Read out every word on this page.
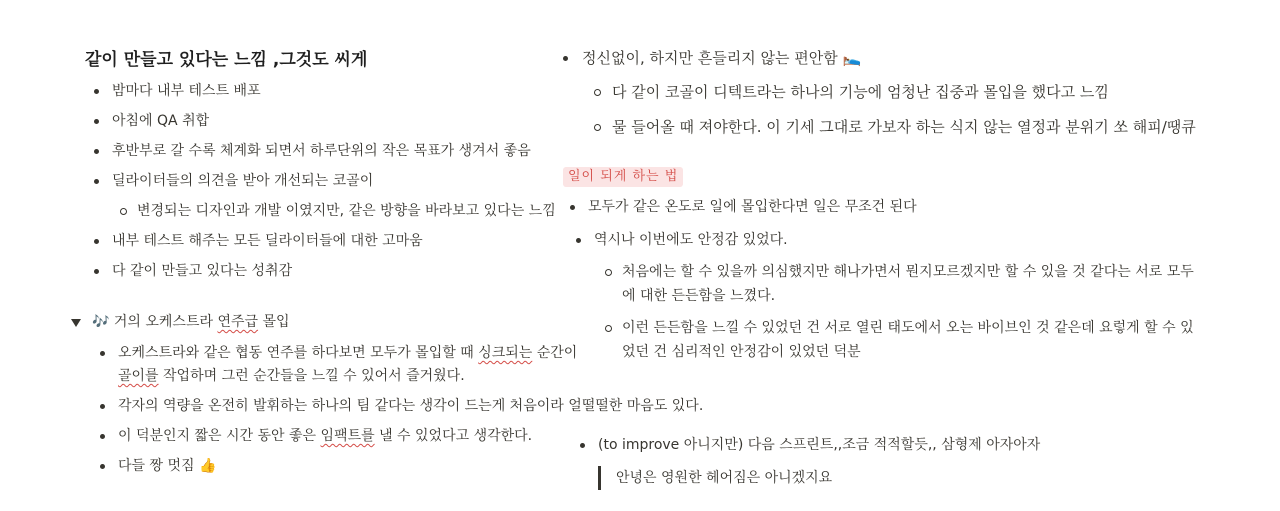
같이 만들고 있다는 느낌 ,그것도 씨게
밤마다 내부 테스트 배포
아침에 QA 취합
후반부로 갈 수록 체계화 되면서 하루단위의 작은 목표가 생겨서 좋음
딜라이터들의 의견을 받아 개선되는 코골이
변경되는 디자인과 개발 이였지만, 같은 방향을 바라보고 있다는 느낌
내부 테스트 해주는 모든 딜라이터들에 대한 고마움
다 같이 만들고 있다는 성취감
🎶 거의 오케스트라 연주급 몰입
오케스트라와 같은 협동 연주를 하다보면 모두가 몰입할 때 싱크되는 순간이
골이를 작업하며 그런 순간들을 느낄 수 있어서 즐거웠다.
각자의 역량을 온전히 발휘하는 하나의 팀 같다는 생각이 드는게 처음이라 얼떨떨한 마음도 있다.
이 덕분인지 짧은 시간 동안 좋은 임팩트를 낼 수 있었다고 생각한다.
다들 짱 멋짐 👍
정신없이, 하지만 흔들리지 않는 편안함 🛌
다 같이 코골이 디텍트라는 하나의 기능에 엄청난 집중과 몰입을 했다고 느낌
물 들어올 때 져야한다. 이 기세 그대로 가보자 하는 식지 않는 열정과 분위기 쏘 해피/땡큐
일이 되게 하는 법
모두가 같은 온도로 일에 몰입한다면 일은 무조건 된다
역시나 이번에도 안정감 있었다.
처음에는 할 수 있을까 의심했지만 해나가면서 뭔지모르겠지만 할 수 있을 것 같다는 서로 모두
에 대한 든든함을 느꼈다.
이런 든든함을 느낄 수 있었던 건 서로 열린 태도에서 오는 바이브인 것 같은데 요렇게 할 수 있
었던 건 심리적인 안정감이 있었던 덕분
(to improve 아니지만) 다음 스프린트,,조금 적적할듯,, 삼형제 아자아자
안녕은 영원한 헤어짐은 아니겠지요
